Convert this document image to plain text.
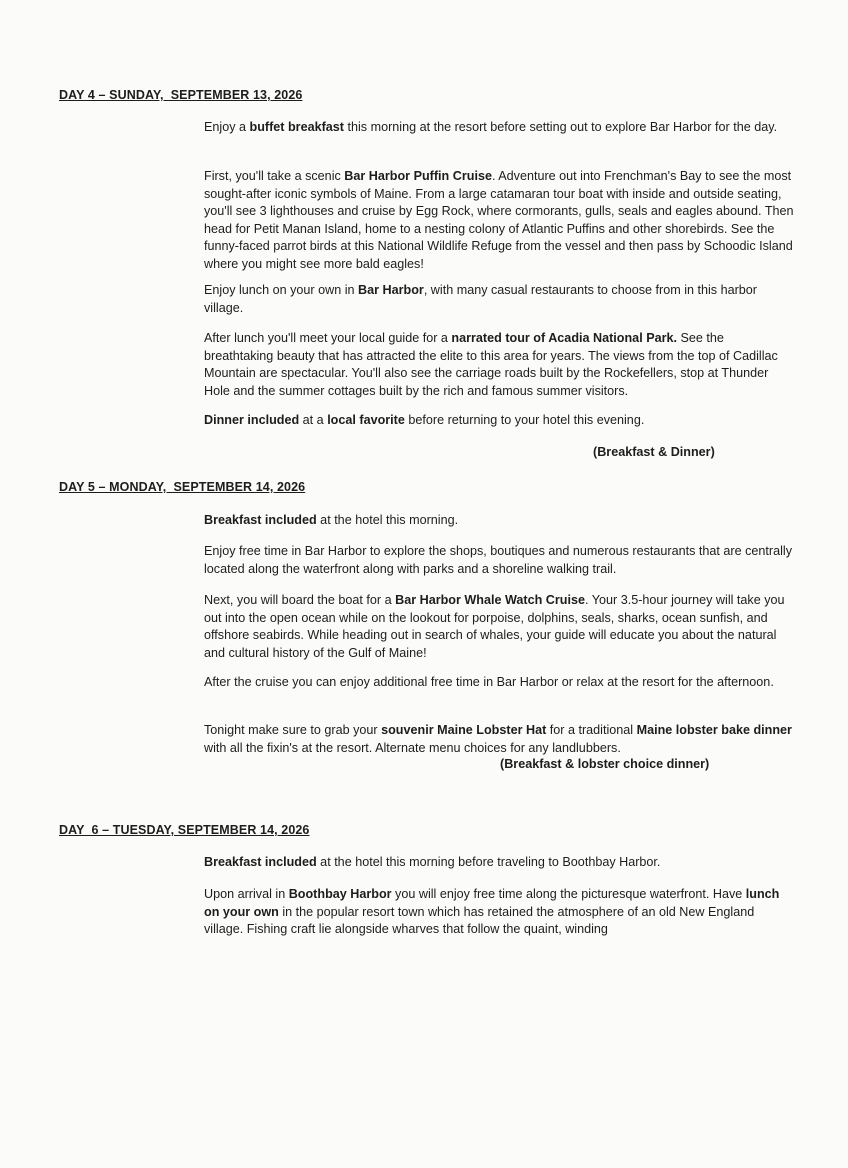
DAY 4 – SUNDAY,  SEPTEMBER 13, 2026

Enjoy a buffet breakfast this morning at the resort before setting out to explore Bar Harbor for the day.

First, you'll take a scenic Bar Harbor Puffin Cruise. Adventure out into Frenchman's Bay to see the most sought-after iconic symbols of Maine. From a large catamaran tour boat with inside and outside seating, you'll see 3 lighthouses and cruise by Egg Rock, where cormorants, gulls, seals and eagles abound. Then head for Petit Manan Island, home to a nesting colony of Atlantic Puffins and other shorebirds. See the funny-faced parrot birds at this National Wildlife Refuge from the vessel and then pass by Schoodic Island where you might see more bald eagles!

Enjoy lunch on your own in Bar Harbor, with many casual restaurants to choose from in this harbor village.

After lunch you'll meet your local guide for a narrated tour of Acadia National Park. See the breathtaking beauty that has attracted the elite to this area for years. The views from the top of Cadillac Mountain are spectacular. You'll also see the carriage roads built by the Rockefellers, stop at Thunder Hole and the summer cottages built by the rich and famous summer visitors.

Dinner included at a local favorite before returning to your hotel this evening.

(Breakfast & Dinner)
DAY 5 – MONDAY,  SEPTEMBER 14, 2026

Breakfast included at the hotel this morning.

Enjoy free time in Bar Harbor to explore the shops, boutiques and numerous restaurants that are centrally located along the waterfront along with parks and a shoreline walking trail.

Next, you will board the boat for a Bar Harbor Whale Watch Cruise. Your 3.5-hour journey will take you out into the open ocean while on the lookout for porpoise, dolphins, seals, sharks, ocean sunfish, and offshore seabirds. While heading out in search of whales, your guide will educate you about the natural and cultural history of the Gulf of Maine!

After the cruise you can enjoy additional free time in Bar Harbor or relax at the resort for the afternoon.

Tonight make sure to grab your souvenir Maine Lobster Hat for a traditional Maine lobster bake dinner with all the fixin's at the resort. Alternate menu choices for any landlubbers.

(Breakfast & lobster choice dinner)
DAY  6 – TUESDAY, SEPTEMBER 14, 2026

Breakfast included at the hotel this morning before traveling to Boothbay Harbor.

Upon arrival in Boothbay Harbor you will enjoy free time along the picturesque waterfront. Have lunch on your own in the popular resort town which has retained the atmosphere of an old New England village. Fishing craft lie alongside wharves that follow the quaint, winding
